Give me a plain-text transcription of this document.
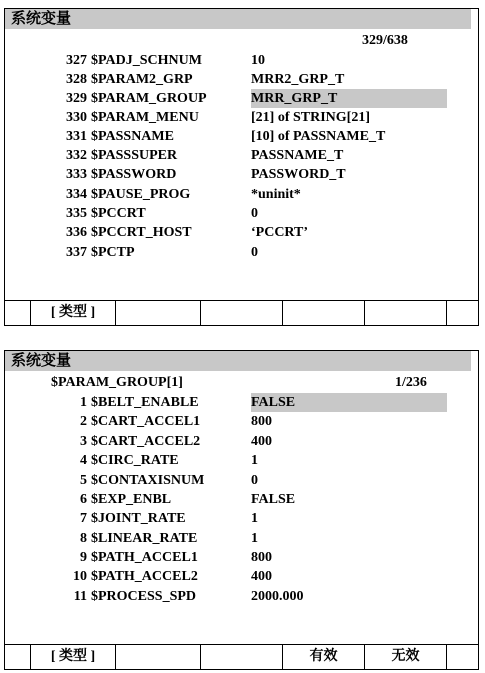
系统变量
329/638
327 $PADJ_SCHNUM	10
328 $PARAM2_GRP	MRR2_GRP_T
329 $PARAM_GROUP	MRR_GRP_T
330 $PARAM_MENU	[21] of STRING[21]
331 $PASSNAME	[10] of PASSNAME_T
332 $PASSSUPER	PASSNAME_T
333 $PASSWORD	PASSWORD_T
334 $PAUSE_PROG	*uninit*
335 $PCCRT	0
336 $PCCRT_HOST	‘PCCRT’
337 $PCTP	0
[ 类型 ]
系统变量
$PARAM_GROUP[1]	1/236
1 $BELT_ENABLE	FALSE
2 $CART_ACCEL1	800
3 $CART_ACCEL2	400
4 $CIRC_RATE	1
5 $CONTAXISNUM	0
6 $EXP_ENBL	FALSE
7 $JOINT_RATE	1
8 $LINEAR_RATE	1
9 $PATH_ACCEL1	800
10 $PATH_ACCEL2	400
11 $PROCESS_SPD	2000.000
[ 类型 ]	有效	无效
